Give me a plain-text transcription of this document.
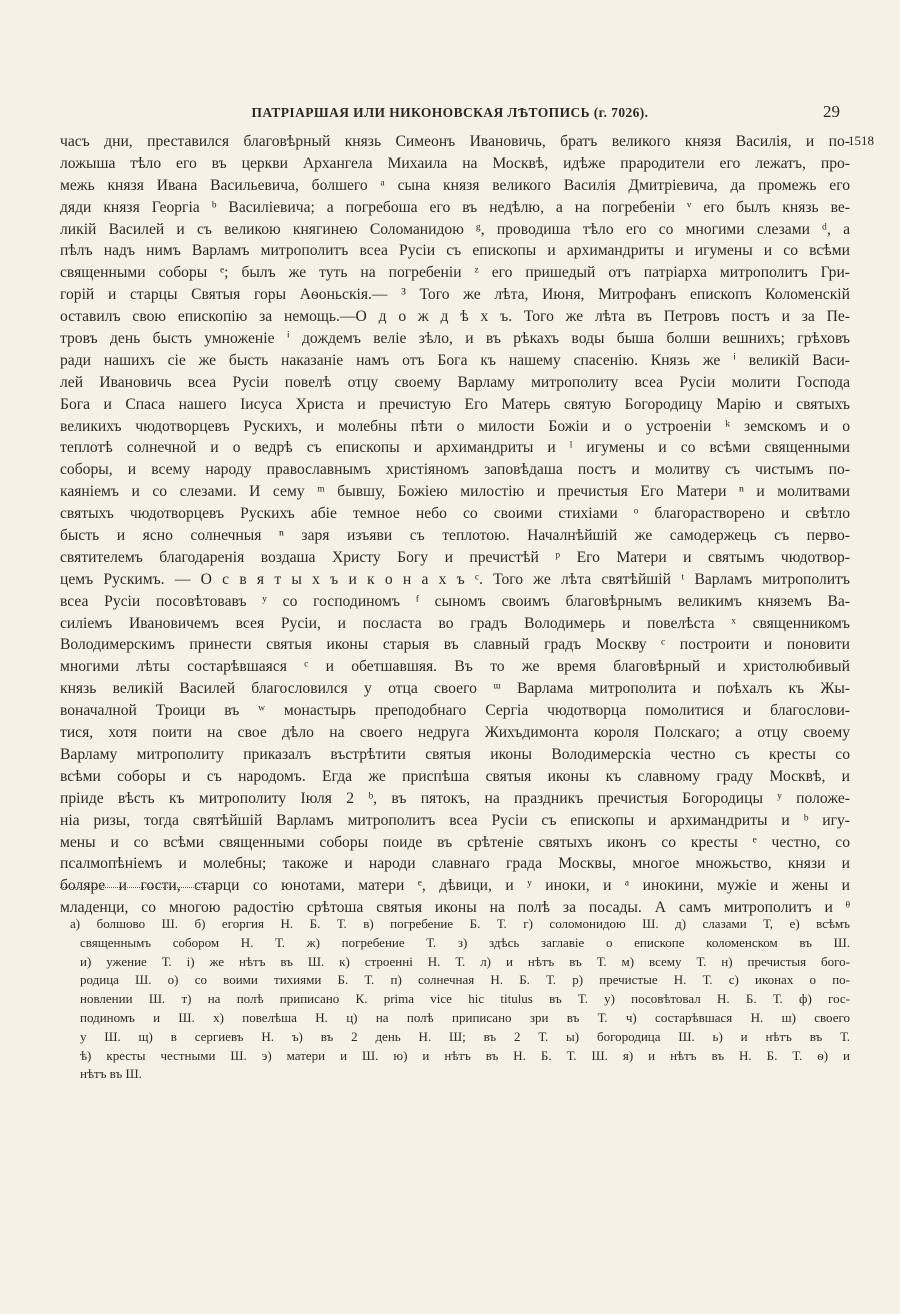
ПАТРІАРШАЯ ИЛИ НИКОНОВСКАЯ ЛѢТОПИСЬ (г. 7026).	29
1518
часъ дни, преставился благовѣрный князь Симеонъ Ивановичь, братъ великого князя Василія, и по-
ложыша тѣло его въ церкви Архангела Михаила на Москвѣ, идѣже прародители его лежатъ, про-
межь князя Ивана Васильевича, болшего ᵃ сына князя великого Василія Дмитріевича, да промежь его
дяди князя Георгіа ᵇ Василіевича; а погребоша его въ недѣлю, а на погребеніи ᵛ его былъ князь ве-
ликій Василей и съ великою княгинею Соломанидою ᵍ, проводиша тѣло его со многими слезами ᵈ, а
пѣлъ надъ нимъ Варламъ митрополитъ всеа Русіи съ епископы и архимандриты и игумены и со всѣми
священными соборы ᵉ; былъ же туть на погребеніи ᶻ его пришедый отъ патріарха митрополитъ Гри-
горій и старцы Святыя горы Аѳоньскія.— ³ Того же лѣта, Июня, Митрофанъ епископъ Коломенскій
оставилъ свою епископію за немощь.—О д о ж д ѣ х ъ. Того же лѣта въ Петровъ постъ и за Пе-
тровъ день бысть умноженіе ⁱ дождемъ веліе зѣло, и въ рѣкахъ воды быша болши вешнихъ; грѣховъ
ради нашихъ сіе же бысть наказаніе намъ отъ Бога къ нашему спасенію. Князь же ⁱ великій Васи-
лей Ивановичь всеа Русіи повелѣ отцу своему Варламу митрополиту всеа Русіи молити Господа
Бога и Спаса нашего Іисуса Христа и пречистую Его Матерь святую Богородицу Марію и святыхъ
великихъ чюдотворцевъ Рускихъ, и молебны пѣти о милости Божіи и о устроеніи ᵏ земскомъ и о
теплотѣ солнечной и о ведрѣ съ епископы и архимандриты и ˡ игумены и со всѣми священными
соборы, и всему народу православнымъ христіяномъ заповѣдаша постъ и молитву съ чистымъ по-
каяніемъ и со слезами. И сему ᵐ бывшу, Божіею милостію и пречистыя Его Матери ⁿ и молитвами
святыхъ чюдотворцевъ Рускихъ абіе темное небо со своими стихіами ᵒ благорастворено и свѣтло
бысть и ясно солнечныя ⁿ заря изъяви съ теплотою. Началнѣйшій же самодержець съ перво-
святителемъ благодаренія воздаша Христу Богу и пречистѣй ᵖ Его Матери и святымъ чюдотвор-
цемъ Рускимъ. — О с в я т ы х ъ и к о н а х ъ ᶜ. Того же лѣта святѣйшій ᵗ Варламъ митрополитъ
всеа Русіи посовѣтовавъ ʸ со господиномъ ᶠ сыномъ своимъ благовѣрнымъ великимъ княземъ Ва-
силіемъ Ивановичемъ всея Русіи, и посласта во градъ Володимерь и повелѣста ˣ священникомъ
Володимерскимъ принести святыя иконы старыя въ славный градъ Москву ᶜ построити и поновити
многими лѣты состарѣвшаяся ᶜ и обетшавшяя. Въ то же время благовѣрный и христолюбивый
князь великій Василей благословился у отца своего ᵚ Варлама митрополита и поѣхалъ къ Жы-
воначалной Троици въ ʷ монастырь преподобнаго Сергіа чюдотворца помолитися и благослови-
тися, хотя поити на свое дѣло на своего недруга Жихъдимонта короля Полскаго; а отцу своему
Варламу митрополиту приказалъ въстрѣтити святыя иконы Володимерскіа честно съ кресты со
всѣми соборы и съ народомъ. Егда же приспѣша святыя иконы къ славному граду Москвѣ, и
пріиде вѣсть къ митрополиту Іюля 2 ᵇ, въ пятокъ, на праздникъ пречистыя Богородицы ʸ положе-
ніа ризы, тогда святѣйшій Варламъ митрополитъ всеа Русіи съ епископы и архимандриты и ᵇ игу-
мены и со всѣми священными соборы поиде въ срѣтеніе святыхъ иконъ со кресты ᵉ честно, со
псалмопѣніемъ и молебны; такоже и народи славнаго града Москвы, многое множьство, князи и
боляре и гости, старци со юнотами, матери ᵉ, дѣвици, и ʸ иноки, и ᵃ инокини, мужіе и жены и
младенци, со многою радостію срѣтоша святыя иконы на полѣ за посады. А самъ митрополитъ и ᶿ
а) болшово Ш. б) егоргия Н. Б. Т. в) погребение Б. Т. г) соломонидою Ш. д) слазами Т, е) всѣмъ
священнымъ собором Н. Т. ж) погребение Т. з) здѣсь заглавіе о епископе коломенском въ Ш.
и) ужение Т. і) же нѣтъ въ Ш. к) строенні Н. Т. л) и нѣтъ въ Т. м) всему Т. н) пречистыя бого-
родица Ш. о) со воими тихиями Б. Т. п) солнечная Н. Б. Т. р) пречистые Н. Т. с) иконах о по-
новлении Ш. т) на полѣ приписано К. prima vice hic titulus въ Т. у) посовѣтовал Н. Б. Т. ф) гос-
подиномъ и Ш. х) повелѣша Н. ц) на полѣ приписано зри въ Т. ч) состарѣвшася Н. ш) своего
у Ш. щ) в сергиевъ Н. ъ) въ 2 день Н. Ш; въ 2 Т. ы) богородица Ш. ь) и нѣтъ въ Т.
ѣ) кресты честными Ш. э) матери и Ш. ю) и нѣтъ въ Н. Б. Т. Ш. я) и нѣтъ въ Н. Б. Т. ѳ) и
нѣтъ въ Ш.
